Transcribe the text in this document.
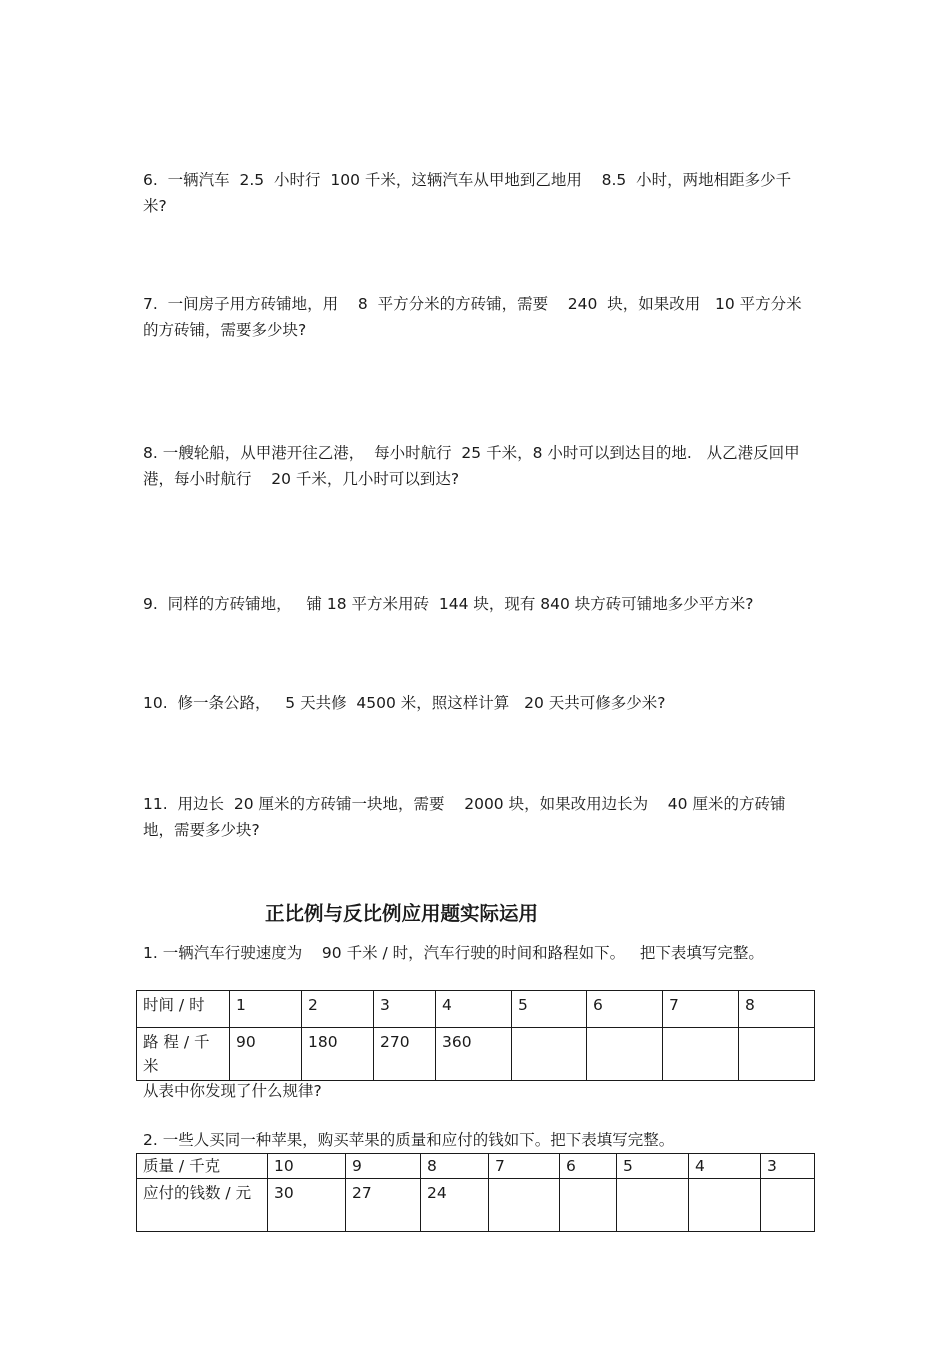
6.  一辆汽车  2.5  小时行  100 千米，这辆汽车从甲地到乙地用    8.5  小时，两地相距多少千米?

7.  一间房子用方砖铺地，用    8  平方分米的方砖铺，需要    240  块，如果改用   10 平方分米的方砖铺，需要多少块?

8. 一艘轮船，从甲港开往乙港，  每小时航行  25 千米，8 小时可以到达目的地.   从乙港反回甲港，每小时航行    20 千米，几小时可以到达?

9.  同样的方砖铺地，   铺 18 平方米用砖  144 块，现有 840 块方砖可铺地多少平方米?

10.  修一条公路，   5 天共修  4500 米，照这样计算   20 天共可修多少米?

11.  用边长  20 厘米的方砖铺一块地，需要    2000 块，如果改用边长为    40 厘米的方砖铺地，需要多少块?

正比例与反比例应用题实际运用

1. 一辆汽车行驶速度为    90 千米 / 时，汽车行驶的时间和路程如下。   把下表填写完整。

时间 / 时	1	2	3	4	5	6	7	8
路 程 / 千米	90	180	270	360				

从表中你发现了什么规律?

2. 一些人买同一种苹果，购买苹果的质量和应付的钱如下。把下表填写完整。

质量 / 千克	10	9	8	7	6	5	4	3
应付的钱数 / 元	30	27	24					
